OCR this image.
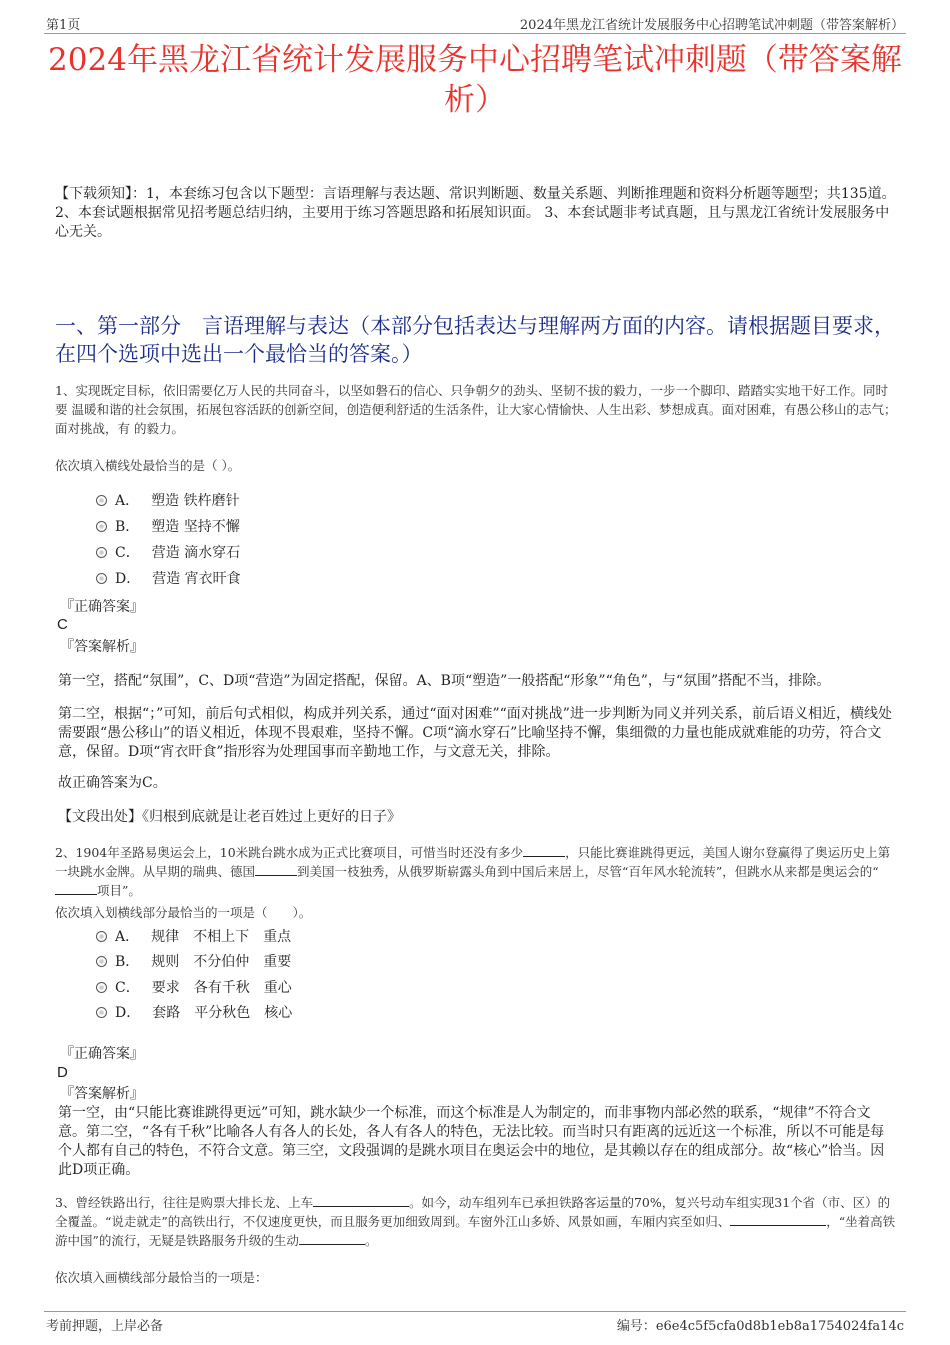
第1页	2024年黑龙江省统计发展服务中心招聘笔试冲刺题（带答案解析）
2024年黑龙江省统计发展服务中心招聘笔试冲刺题（带答案解
析）
【下载须知】：1，本套练习包含以下题型：言语理解与表达题、常识判断题、数量关系题、判断推理题和资料分析题等题型；共135道。 2、本套试题根据常见招考题总结归纳，主要用于练习答题思路和拓展知识面。 3、本套试题非考试真题，且与黑龙江省统计发展服务中心无关。
一、第一部分　言语理解与表达（本部分包括表达与理解两方面的内容。请根据题目要求，在四个选项中选出一个最恰当的答案。）
1、实现既定目标，依旧需要亿万人民的共同奋斗，以坚如磐石的信心、只争朝夕的劲头、坚韧不拔的毅力，一步一个脚印、踏踏实实地干好工作。同时要 温暖和谐的社会氛围，拓展包容活跃的创新空间，创造便利舒适的生活条件，让大家心情愉快、人生出彩、梦想成真。面对困难，有愚公移山的志气；面对挑战，有 的毅力。
依次填入横线处最恰当的是（ ）。
A． 塑造 铁杵磨针
B． 塑造 坚持不懈
C． 营造 滴水穿石
D． 营造 宵衣旰食
『正确答案』
C
『答案解析』
第一空，搭配“氛围”，C、D项“营造”为固定搭配，保留。A、B项“塑造”一般搭配“形象”“角色”，与“氛围”搭配不当，排除。
第二空，根据“；”可知，前后句式相似，构成并列关系，通过“面对困难”“面对挑战”进一步判断为同义并列关系，前后语义相近，横线处需要跟“愚公移山”的语义相近，体现不畏艰难，坚持不懈。C项“滴水穿石”比喻坚持不懈，集细微的力量也能成就难能的功劳，符合文意，保留。D项“宵衣旰食”指形容为处理国事而辛勤地工作，与文意无关，排除。
故正确答案为C。
【文段出处】《归根到底就是让老百姓过上更好的日子》
2、1904年圣路易奥运会上，10米跳台跳水成为正式比赛项目，可惜当时还没有多少	，只能比赛谁跳得更远，美国人谢尔登赢得了奥运历史上第一块跳水金牌。从早期的瑞典、德国	到美国一枝独秀，从俄罗斯崭露头角到中国后来居上，尽管“百年风水轮流转”，但跳水从来都是奥运会的“项目”。
依次填入划横线部分最恰当的一项是（　　）。
A． 规律 不相上下 重点
B． 规则 不分伯仲 重要
C． 要求 各有千秋 重心
D． 套路 平分秋色 核心
『正确答案』
D
『答案解析』
第一空，由“只能比赛谁跳得更远”可知，跳水缺少一个标准，而这个标准是人为制定的，而非事物内部必然的联系，“规律”不符合文意。第二空，“各有千秋”比喻各人有各人的长处，各人有各人的特色，无法比较。而当时只有距离的远近这一个标准，所以不可能是每个人都有自己的特色，不符合文意。第三空，文段强调的是跳水项目在奥运会中的地位，是其赖以存在的组成部分。故“核心”恰当。因此D项正确。
3、曾经铁路出行，往往是购票大排长龙、上车	。如今，动车组列车已承担铁路客运量的70%，复兴号动车组实现31个省（市、区）的全覆盖。“说走就走”的高铁出行，不仅速度更快，而且服务更加细致周到。车窗外江山多娇、风景如画，车厢内宾至如归、	，“坐着高铁游中国”的流行，无疑是铁路服务升级的生动	。
依次填入画横线部分最恰当的一项是：
考前押题，上岸必备	编号：e6e4c5f5cfa0d8b1eb8a1754024fa14c
